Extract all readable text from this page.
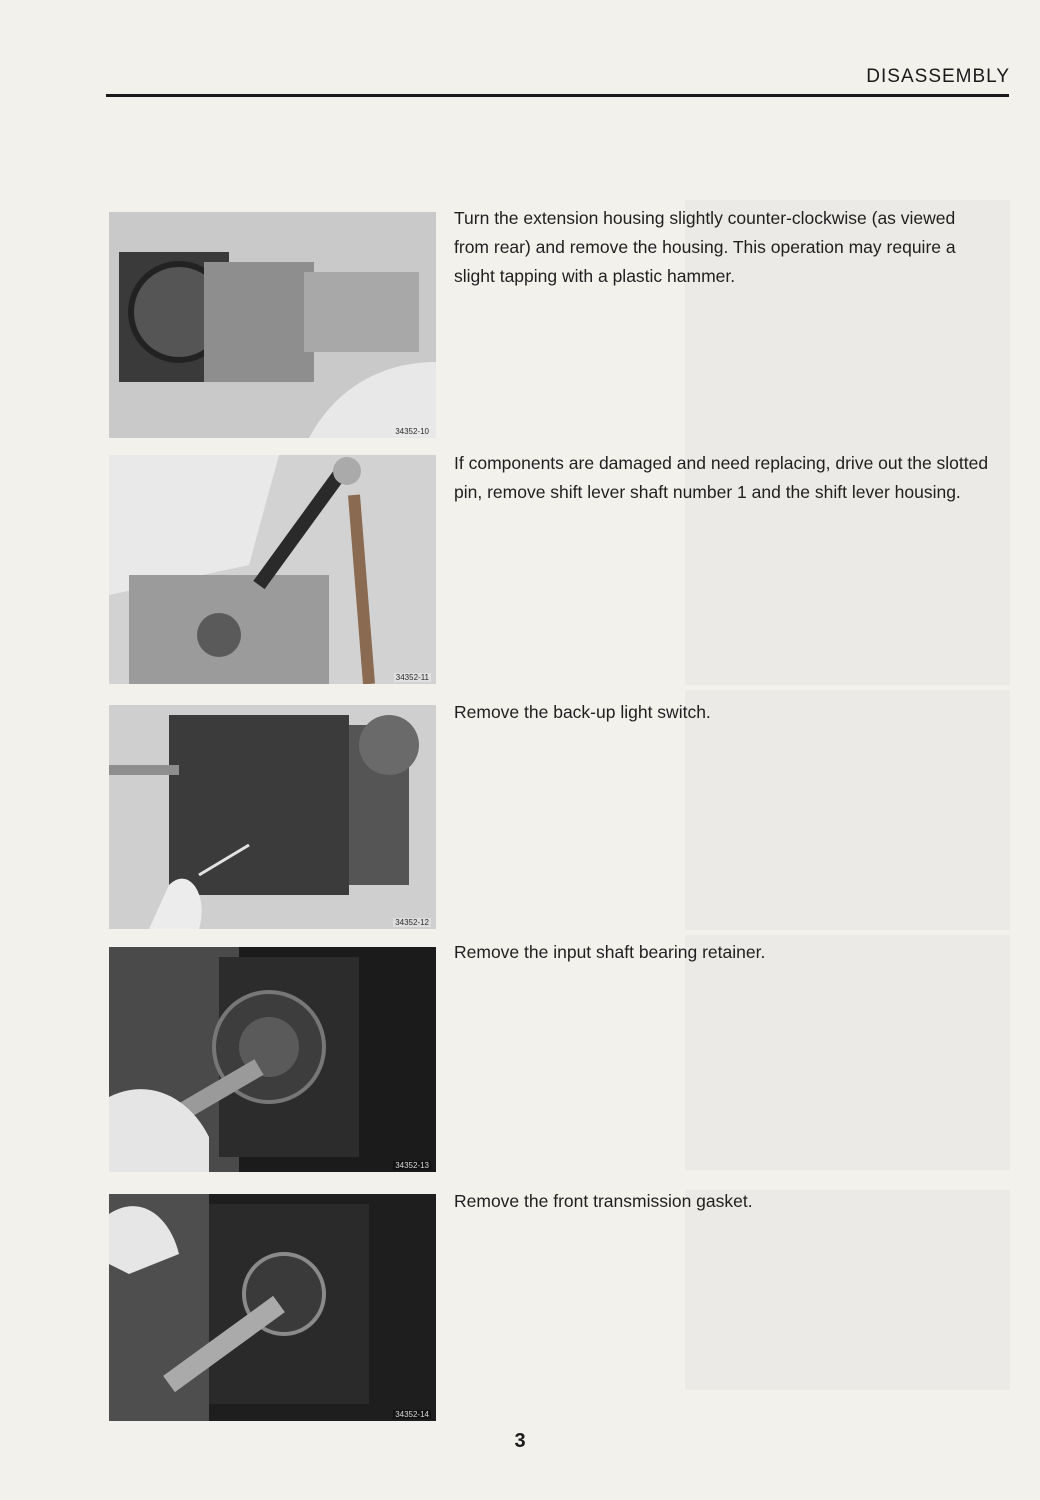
DISASSEMBLY
34352-10
Turn the extension housing slightly counter-clockwise (as viewed from rear) and remove the housing. This operation may require a slight tapping with a plastic hammer.
34352-11
If components are damaged and need replacing, drive out the slotted pin, remove shift lever shaft number 1 and the shift lever housing.
34352-12
Remove the back-up light switch.
34352-13
Remove the input shaft bearing retainer.
34352-14
Remove the front transmission gasket.
3
